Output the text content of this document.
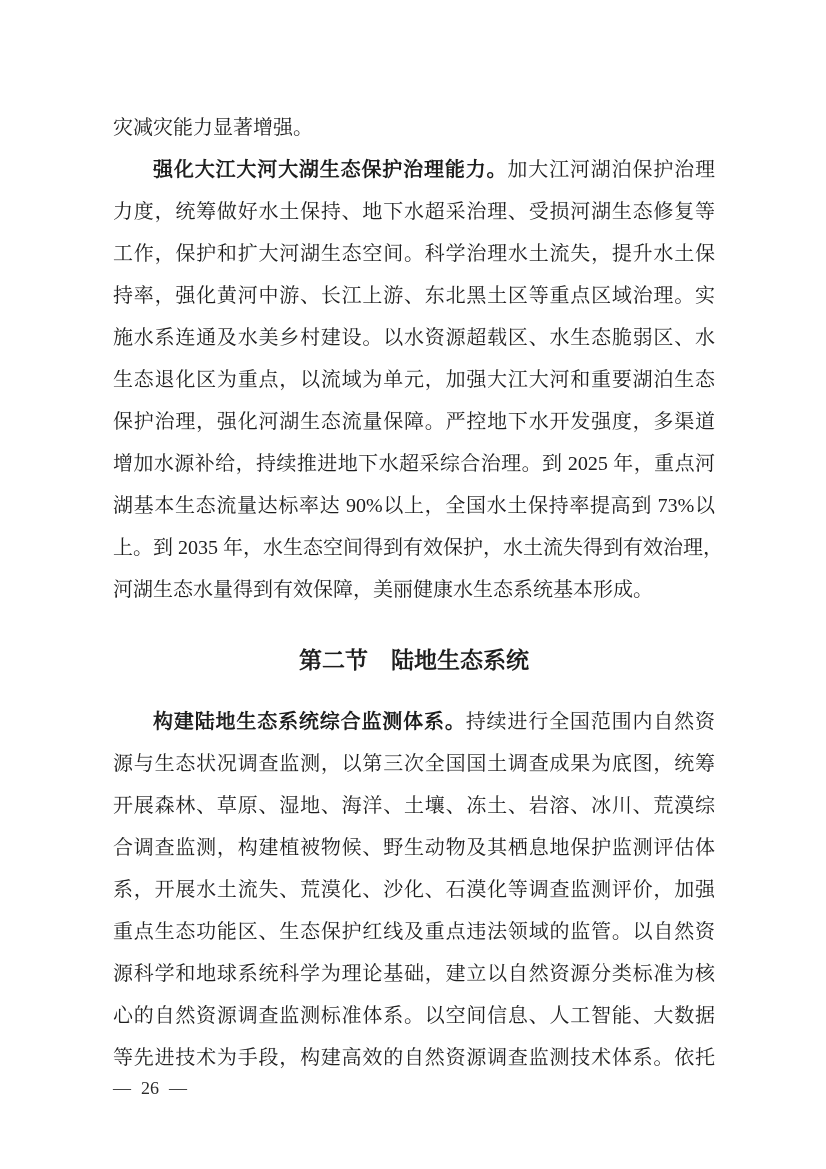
灾减灾能力显著增强。
强化大江大河大湖生态保护治理能力。加大江河湖泊保护治理
力度，统筹做好水土保持、地下水超采治理、受损河湖生态修复等
工作，保护和扩大河湖生态空间。科学治理水土流失，提升水土保
持率，强化黄河中游、长江上游、东北黑土区等重点区域治理。实
施水系连通及水美乡村建设。以水资源超载区、水生态脆弱区、水
生态退化区为重点，以流域为单元，加强大江大河和重要湖泊生态
保护治理，强化河湖生态流量保障。严控地下水开发强度，多渠道
增加水源补给，持续推进地下水超采综合治理。到 2025 年，重点河
湖基本生态流量达标率达 90%以上，全国水土保持率提高到 73%以
上。到 2035 年，水生态空间得到有效保护，水土流失得到有效治理，
河湖生态水量得到有效保障，美丽健康水生态系统基本形成。
第二节 陆地生态系统
构建陆地生态系统综合监测体系。持续进行全国范围内自然资
源与生态状况调查监测，以第三次全国国土调查成果为底图，统筹
开展森林、草原、湿地、海洋、土壤、冻土、岩溶、冰川、荒漠综
合调查监测，构建植被物候、野生动物及其栖息地保护监测评估体
系，开展水土流失、荒漠化、沙化、石漠化等调查监测评价，加强
重点生态功能区、生态保护红线及重点违法领域的监管。以自然资
源科学和地球系统科学为理论基础，建立以自然资源分类标准为核
心的自然资源调查监测标准体系。以空间信息、人工智能、大数据
等先进技术为手段，构建高效的自然资源调查监测技术体系。依托
— 26 —
